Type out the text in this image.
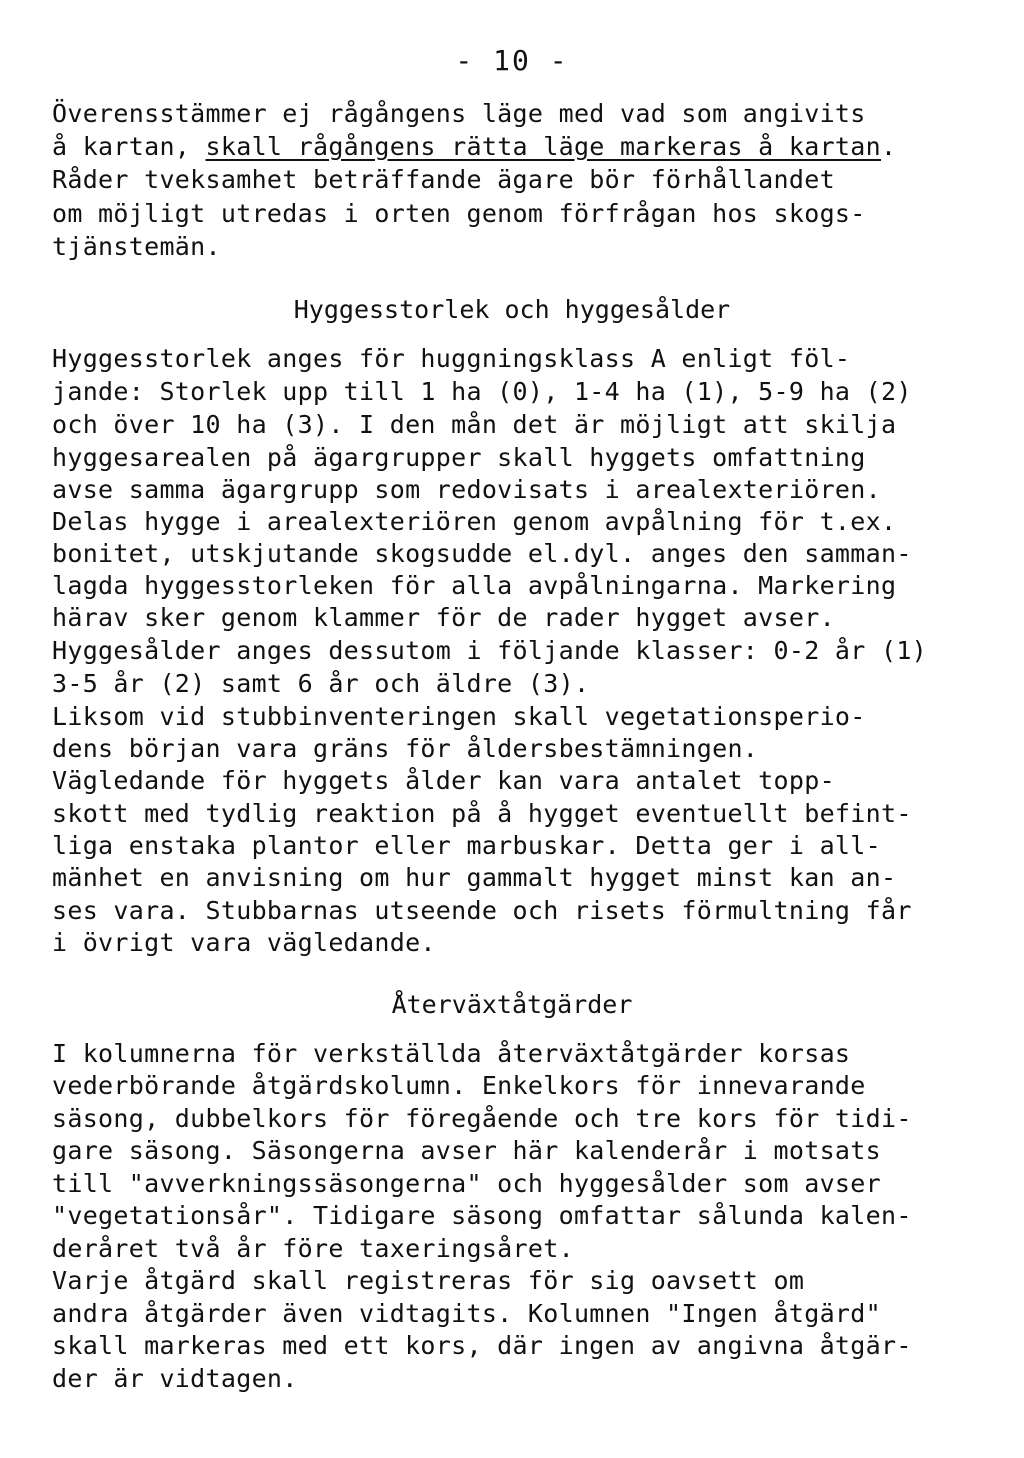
- 10 -
Överensstämmer ej rågångens läge med vad som angivits
å kartan, skall rågångens rätta läge markeras å kartan.
Råder tveksamhet beträffande ägare bör förhållandet
om möjligt utredas i orten genom förfrågan hos skogs-
tjänstemän.
Hyggesstorlek och hyggesålder
Hyggesstorlek anges för huggningsklass A enligt föl-
jande: Storlek upp till 1 ha (0), 1-4 ha (1), 5-9 ha (2)
och över 10 ha (3). I den mån det är möjligt att skilja
hyggesarealen på ägargrupper skall hyggets omfattning
avse samma ägargrupp som redovisats i arealexteriören.
Delas hygge i arealexteriören genom avpålning för t.ex.
bonitet, utskjutande skogsudde el.dyl. anges den samman-
lagda hyggesstorleken för alla avpålningarna. Markering
härav sker genom klammer för de rader hygget avser.
Hyggesålder anges dessutom i följande klasser: 0-2 år (1)
3-5 år (2) samt 6 år och äldre (3).
Liksom vid stubbinventeringen skall vegetationsperio-
dens början vara gräns för åldersbestämningen.
Vägledande för hyggets ålder kan vara antalet topp-
skott med tydlig reaktion på å hygget eventuellt befint-
liga enstaka plantor eller marbuskar. Detta ger i all-
mänhet en anvisning om hur gammalt hygget minst kan an-
ses vara. Stubbarnas utseende och risets förmultning får
i övrigt vara vägledande.
Återväxtåtgärder
I kolumnerna för verkställda återväxtåtgärder korsas
vederbörande åtgärdskolumn. Enkelkors för innevarande
säsong, dubbelkors för föregående och tre kors för tidi-
gare säsong. Säsongerna avser här kalenderår i motsats
till "avverkningssäsongerna" och hyggesålder som avser
"vegetationsår". Tidigare säsong omfattar sålunda kalen-
deråret två år före taxeringsåret.
Varje åtgärd skall registreras för sig oavsett om
andra åtgärder även vidtagits. Kolumnen "Ingen åtgärd"
skall markeras med ett kors, där ingen av angivna åtgär-
der är vidtagen.
